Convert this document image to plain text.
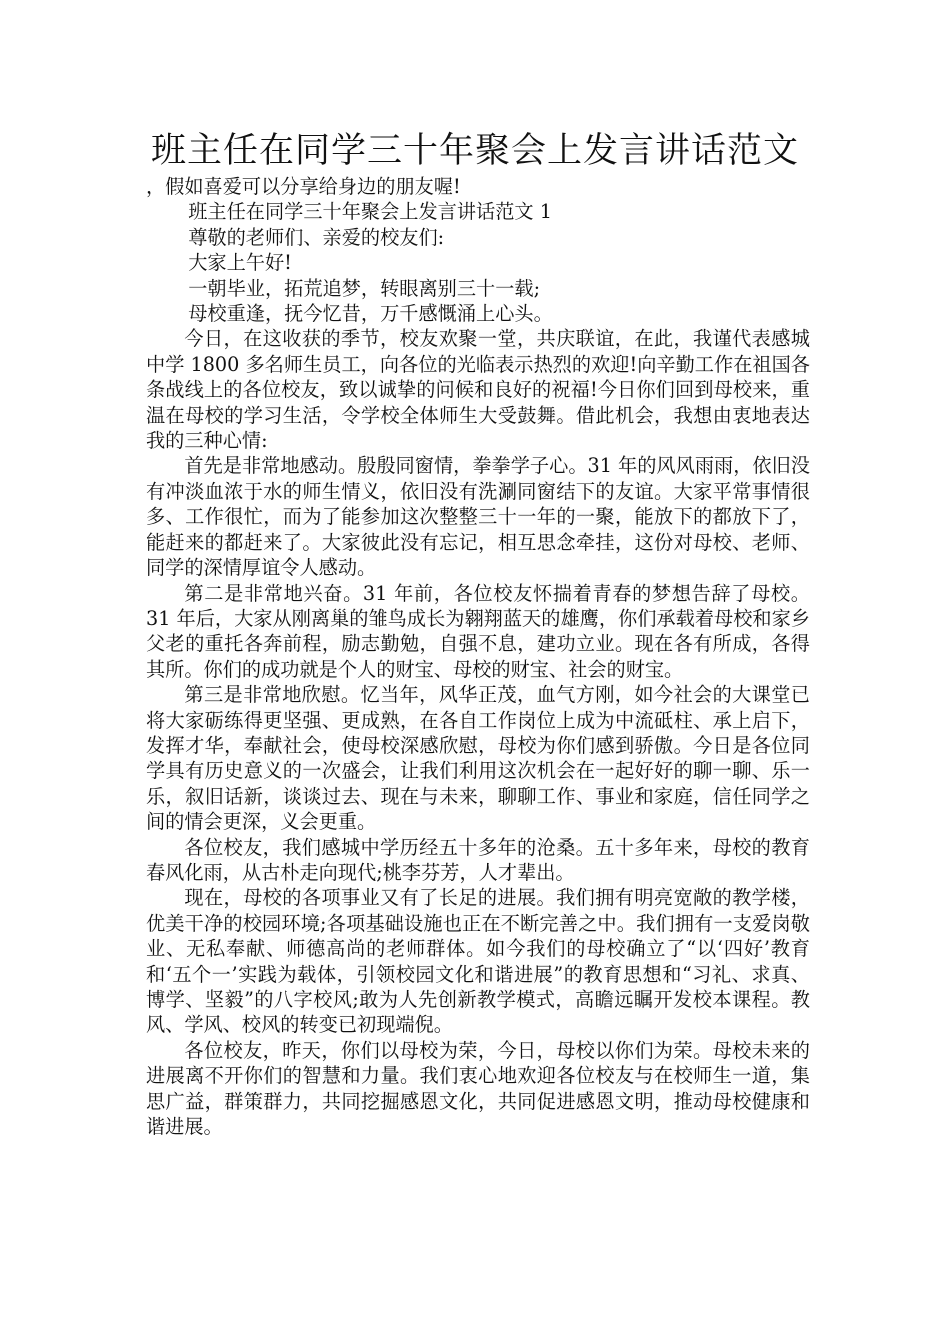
班主任在同学三十年聚会上发言讲话范文

，假如喜爱可以分享给身边的朋友喔!

班主任在同学三十年聚会上发言讲话范文 1

尊敬的老师们、亲爱的校友们:

大家上午好!

一朝毕业，拓荒追梦，转眼离别三十一载;

母校重逢，抚今忆昔，万千感慨涌上心头。

今日，在这收获的季节，校友欢聚一堂，共庆联谊，在此，我谨代表感城中学 1800 多名师生员工，向各位的光临表示热烈的欢迎!向辛勤工作在祖国各条战线上的各位校友，致以诚挚的问候和良好的祝福!今日你们回到母校来，重温在母校的学习生活，令学校全体师生大受鼓舞。借此机会，我想由衷地表达我的三种心情:

首先是非常地感动。殷殷同窗情，拳拳学子心。31 年的风风雨雨，依旧没有冲淡血浓于水的师生情义，依旧没有洗涮同窗结下的友谊。大家平常事情很多、工作很忙，而为了能参加这次整整三十一年的一聚，能放下的都放下了，能赶来的都赶来了。大家彼此没有忘记，相互思念牵挂，这份对母校、老师、同学的深情厚谊令人感动。

第二是非常地兴奋。31 年前，各位校友怀揣着青春的梦想告辞了母校。31 年后，大家从刚离巢的雏鸟成长为翱翔蓝天的雄鹰，你们承载着母校和家乡父老的重托各奔前程，励志勤勉，自强不息，建功立业。现在各有所成，各得其所。你们的成功就是个人的财宝、母校的财宝、社会的财宝。

第三是非常地欣慰。忆当年，风华正茂，血气方刚，如今社会的大课堂已将大家砺练得更坚强、更成熟，在各自工作岗位上成为中流砥柱、承上启下，发挥才华，奉献社会，使母校深感欣慰，母校为你们感到骄傲。今日是各位同学具有历史意义的一次盛会，让我们利用这次机会在一起好好的聊一聊、乐一乐，叙旧话新，谈谈过去、现在与未来，聊聊工作、事业和家庭，信任同学之间的情会更深，义会更重。

各位校友，我们感城中学历经五十多年的沧桑。五十多年来，母校的教育春风化雨，从古朴走向现代;桃李芬芳，人才辈出。

现在，母校的各项事业又有了长足的进展。我们拥有明亮宽敞的教学楼，优美干净的校园环境;各项基础设施也正在不断完善之中。我们拥有一支爱岗敬业、无私奉献、师德高尚的老师群体。如今我们的母校确立了“以‘四好’教育和‘五个一’实践为载体，引领校园文化和谐进展”的教育思想和“习礼、求真、博学、坚毅”的八字校风;敢为人先创新教学模式，高瞻远瞩开发校本课程。教风、学风、校风的转变已初现端倪。

各位校友，昨天，你们以母校为荣，今日，母校以你们为荣。母校未来的进展离不开你们的智慧和力量。我们衷心地欢迎各位校友与在校师生一道，集思广益，群策群力，共同挖掘感恩文化，共同促进感恩文明，推动母校健康和谐进展。
